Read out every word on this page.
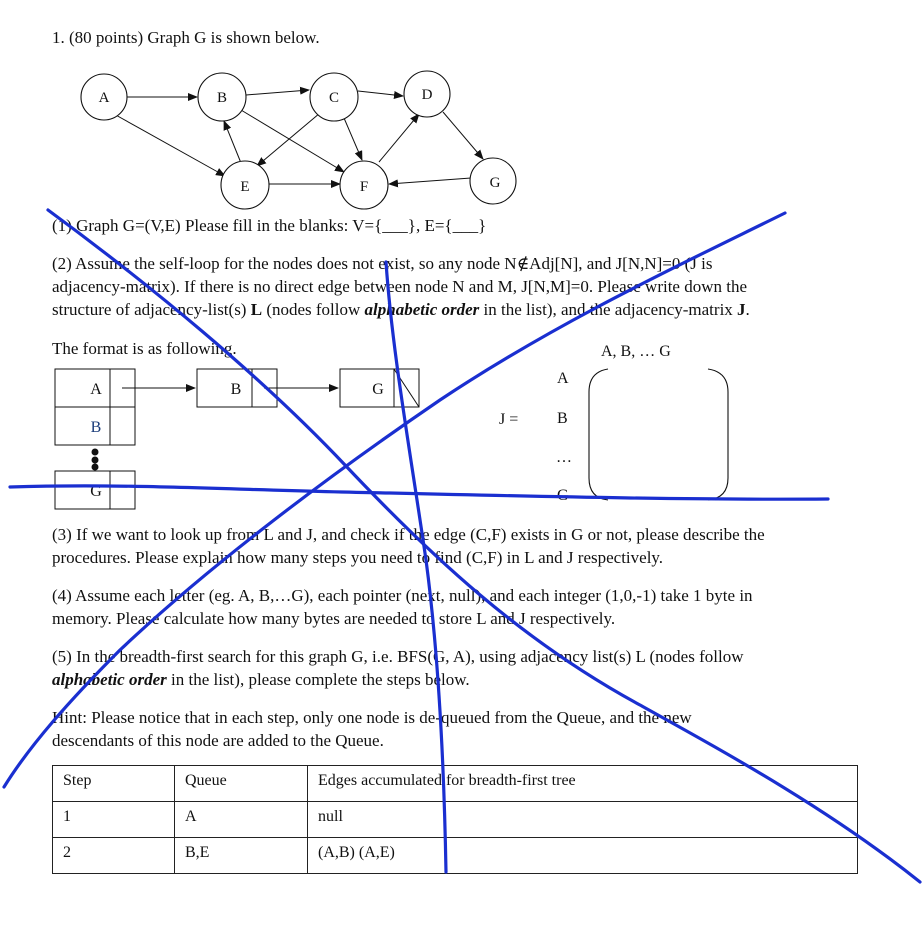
1. (80 points) Graph G is shown below.
A	B	C	D
E	F	G
A	B	G
B
G
A, B, … G
J =
A
B
…
G
(1) Graph G=(V,E) Please fill in the blanks: V={___}, E={___}
(2) Assume the self-loop for the nodes does not exist, so any node N∉Adj[N], and J[N,N]=0 (J is
adjacency-matrix). If there is no direct edge between node N and M, J[N,M]=0. Please write down the
structure of adjacency-list(s) L (nodes follow alphabetic order in the list), and the adjacency-matrix J.
The format is as following.
(3) If we want to look up from L and J, and check if the edge (C,F) exists in G or not, please describe the
procedures. Please explain how many steps you need to find (C,F) in L and J respectively.
(4) Assume each letter (eg. A, B,…G), each pointer (next, null), and each integer (1,0,-1) take 1 byte in
memory. Please calculate how many bytes are needed to store L and J respectively.
(5) In the breadth-first search for this graph G, i.e. BFS(G, A), using adjacency list(s) L (nodes follow
alphabetic order in the list), please complete the steps below.
Hint: Please notice that in each step, only one node is de-queued from the Queue, and the new
descendants of this node are added to the Queue.
Step	Queue	Edges accumulated for breadth-first tree
1	A	null
2	B,E	(A,B) (A,E)
